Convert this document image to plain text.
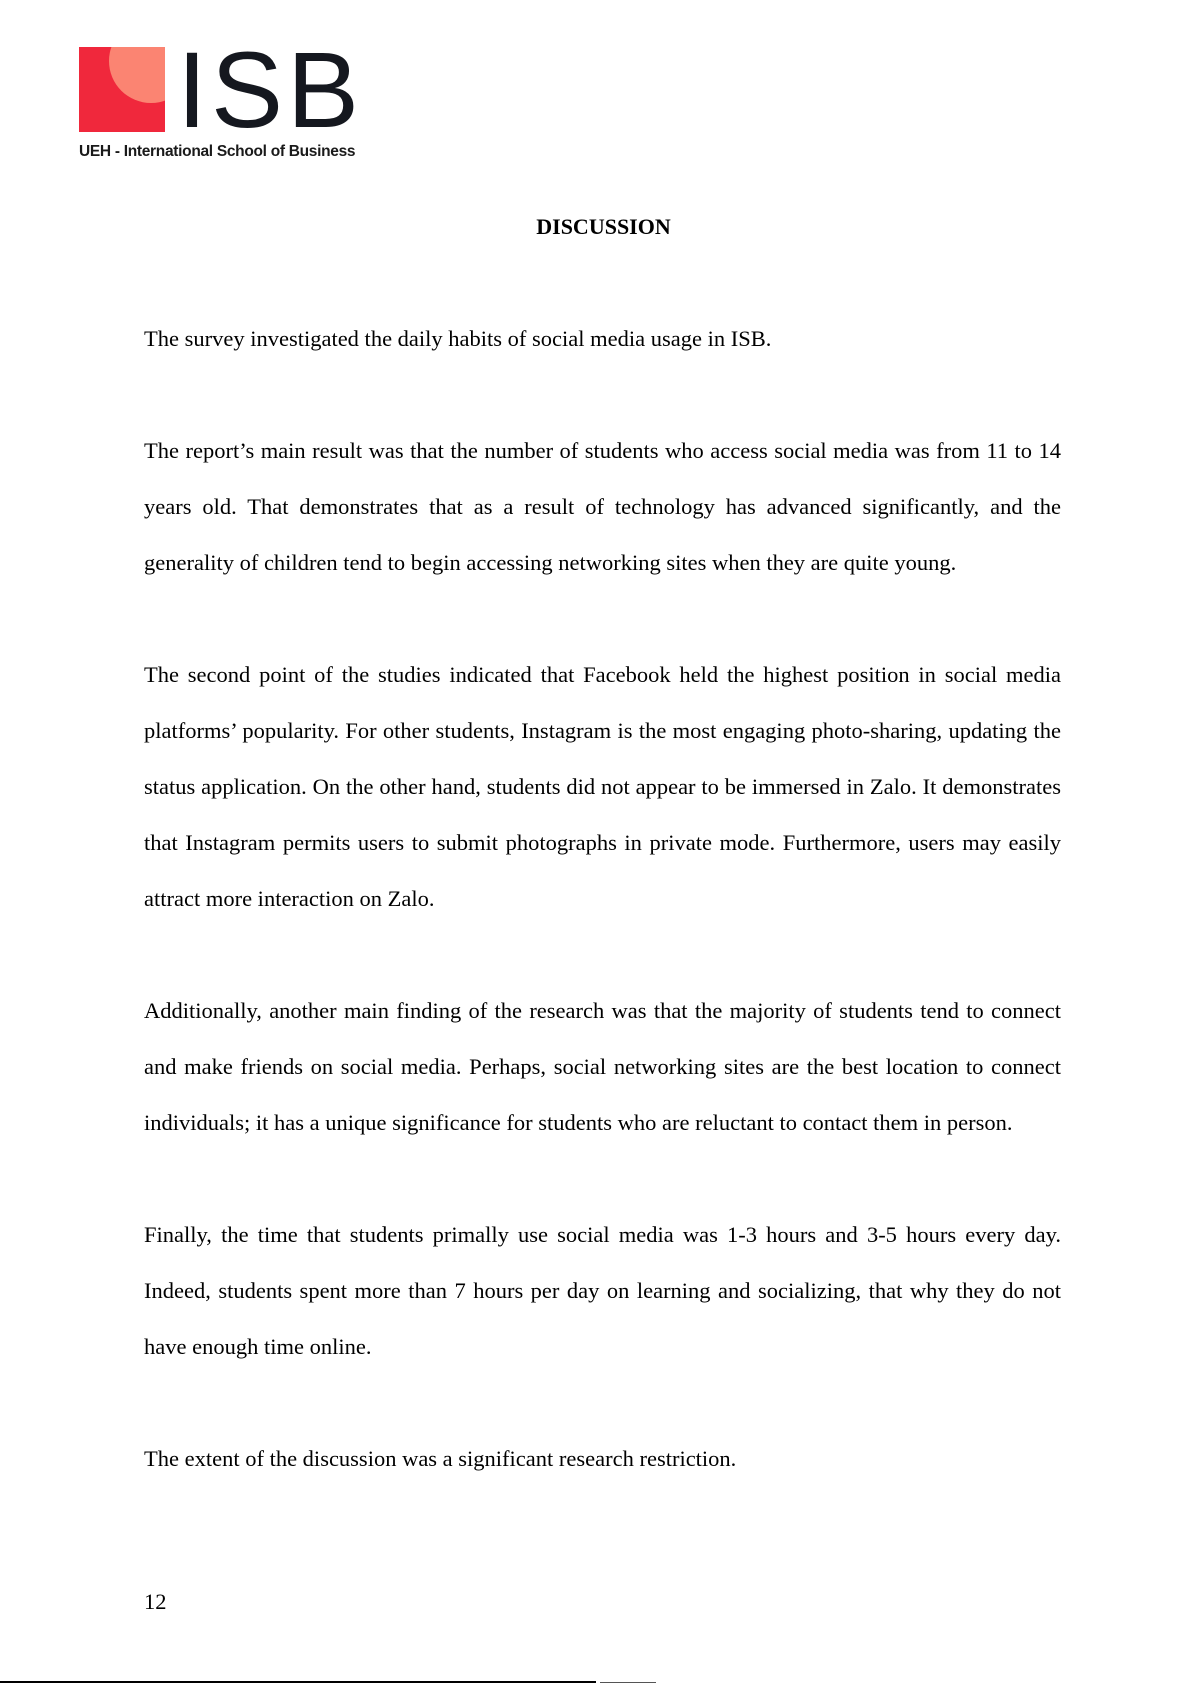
ISB
UEH - International School of Business
DISCUSSION

The survey investigated the daily habits of social media usage in ISB.

The report’s main result was that the number of students who access social media was from 11 to 14 years old. That demonstrates that as a result of technology has advanced significantly, and the generality of children tend to begin accessing networking sites when they are quite young.

The second point of the studies indicated that Facebook held the highest position in social media platforms’ popularity. For other students, Instagram is the most engaging photo-sharing, updating the status application. On the other hand, students did not appear to be immersed in Zalo. It demonstrates that Instagram permits users to submit photographs in private mode. Furthermore, users may easily attract more interaction on Zalo.

Additionally, another main finding of the research was that the majority of students tend to connect and make friends on social media. Perhaps, social networking sites are the best location to connect individuals; it has a unique significance for students who are reluctant to contact them in person.

Finally, the time that students primally use social media was 1-3 hours and 3-5 hours every day. Indeed, students spent more than 7 hours per day on learning and socializing, that why they do not have enough time online.

The extent of the discussion was a significant research restriction.

12
